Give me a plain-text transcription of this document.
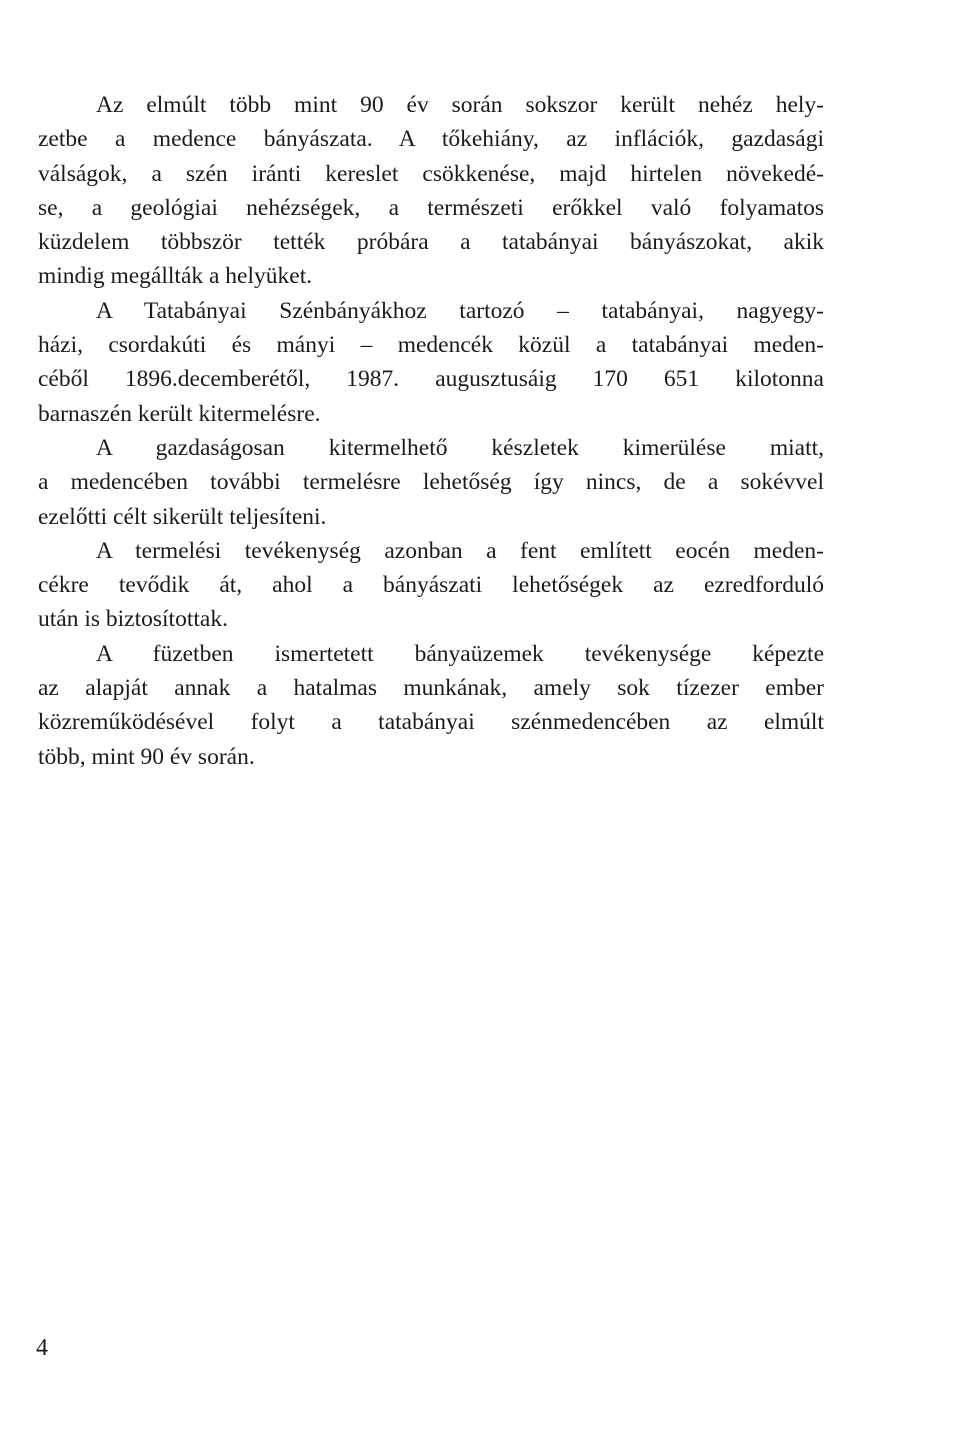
Az elmúlt több mint 90 év során sokszor került nehéz hely-
zetbe a medence bányászata. A tőkehiány, az inflációk, gazdasági
válságok, a szén iránti kereslet csökkenése, majd hirtelen növekedé-
se, a geológiai nehézségek, a természeti erőkkel való folyamatos
küzdelem többször tették próbára a tatabányai bányászokat, akik
mindig megállták a helyüket.
A Tatabányai Szénbányákhoz tartozó – tatabányai, nagyegy-
házi, csordakúti és mányi – medencék közül a tatabányai meden-
céből 1896.decemberétől, 1987. augusztusáig 170 651 kilotonna
barnaszén került kitermelésre.
A gazdaságosan kitermelhető készletek kimerülése miatt,
a medencében további termelésre lehetőség így nincs, de a sokévvel
ezelőtti célt sikerült teljesíteni.
A termelési tevékenység azonban a fent említett eocén meden-
cékre tevődik át, ahol a bányászati lehetőségek az ezredforduló
után is biztosítottak.
A füzetben ismertetett bányaüzemek tevékenysége képezte
az alapját annak a hatalmas munkának, amely sok tízezer ember
közreműködésével folyt a tatabányai szénmedencében az elmúlt
több, mint 90 év során.
4
